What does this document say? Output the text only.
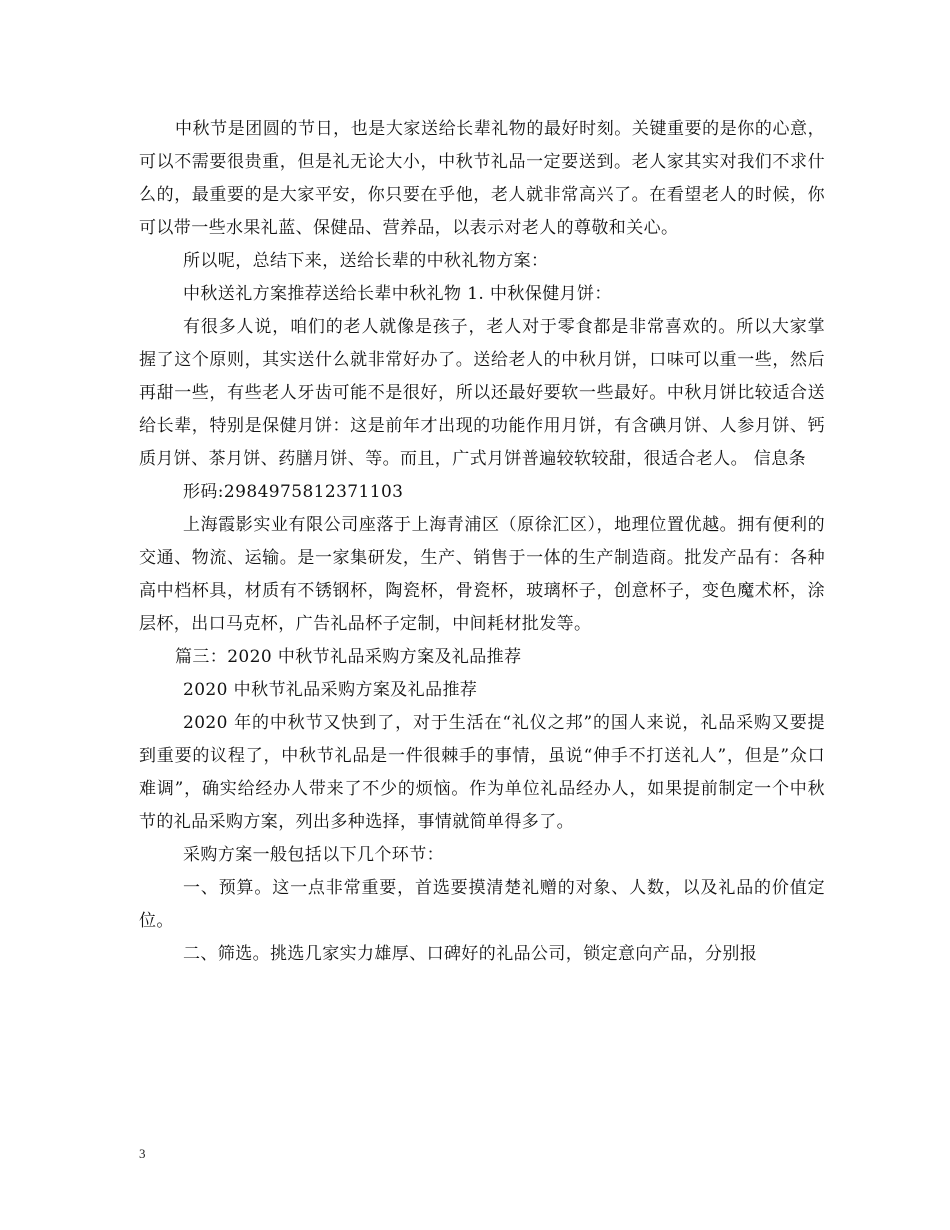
中秋节是团圆的节日，也是大家送给长辈礼物的最好时刻。关键重要的是你的心意，可以不需要很贵重，但是礼无论大小，中秋节礼品一定要送到。老人家其实对我们不求什么的，最重要的是大家平安，你只要在乎他，老人就非常高兴了。在看望老人的时候，你可以带一些水果礼蓝、保健品、营养品，以表示对老人的尊敬和关心。

所以呢，总结下来，送给长辈的中秋礼物方案：

中秋送礼方案推荐送给长辈中秋礼物 1. 中秋保健月饼：

有很多人说，咱们的老人就像是孩子，老人对于零食都是非常喜欢的。所以大家掌握了这个原则，其实送什么就非常好办了。送给老人的中秋月饼，口味可以重一些，然后再甜一些，有些老人牙齿可能不是很好，所以还最好要软一些最好。中秋月饼比较适合送给长辈，特别是保健月饼：这是前年才出现的功能作用月饼，有含碘月饼、人参月饼、钙质月饼、茶月饼、药膳月饼、等。而且，广式月饼普遍较软较甜，很适合老人。 信息条

形码:2984975812371103

上海霞影实业有限公司座落于上海青浦区（原徐汇区），地理位置优越。拥有便利的交通、物流、运输。是一家集研发，生产、销售于一体的生产制造商。批发产品有：各种高中档杯具，材质有不锈钢杯，陶瓷杯，骨瓷杯，玻璃杯子，创意杯子，变色魔术杯，涂层杯，出口马克杯，广告礼品杯子定制，中间耗材批发等。

篇三：2020 中秋节礼品采购方案及礼品推荐

2020 中秋节礼品采购方案及礼品推荐

2020 年的中秋节又快到了，对于生活在“礼仪之邦”的国人来说，礼品采购又要提到重要的议程了，中秋节礼品是一件很棘手的事情，虽说“伸手不打送礼人”，但是”众口难调”，确实给经办人带来了不少的烦恼。作为单位礼品经办人，如果提前制定一个中秋节的礼品采购方案，列出多种选择，事情就简单得多了。

采购方案一般包括以下几个环节：

一、预算。这一点非常重要，首选要摸清楚礼赠的对象、人数，以及礼品的价值定位。

二、筛选。挑选几家实力雄厚、口碑好的礼品公司，锁定意向产品，分别报

3
